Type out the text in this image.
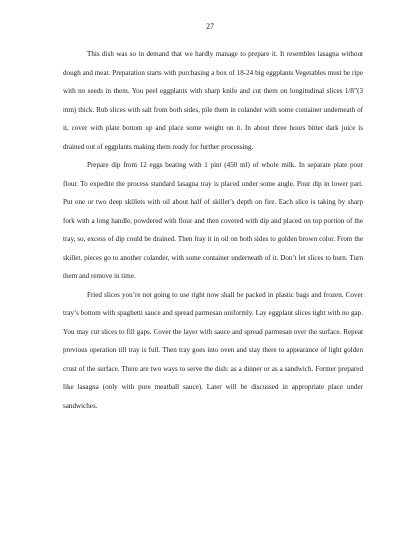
27

This dish was so in demand that we hardly manage to prepare it. It resembles lasagna without dough and meat. Preparation starts with purchasing a box of 18-24 big eggplants Vegetables must be ripe with no seeds in them. You peel eggplants with sharp knife and cut them on longitudinal slices 1/8”(3 mm) thick. Rub slices with salt from both sides, pile them in colander with some container underneath of it, cover with plate bottom up and place some weight on it. In about three hours bitter dark juice is drained out of eggplants making them ready for further processing.

Prepare dip from 12 eggs beating with 1 pint (450 ml) of whole milk. In separate plate pour flour. To expedite the process standard lasagna tray is placed under some angle. Pour dip in lower part. Put one or two deep skillets with oil about half of skillet’s depth on fire. Each slice is taking by sharp fork with a long handle, powdered with flour and then covered with dip and placed on top portion of the tray, so, excess of dip could be drained. Then fray it in oil on both sides to golden brown color. From the skillet, pieces go to another colander, with some container underneath of it. Don’t let slices to burn. Turn them and remove in time.

Fried slices you’re not going to use right now shall be packed in plastic bags and frozen. Cover tray’s bottom with spaghetti sauce and spread parmesan uniformly. Lay eggplant slices tight with no gap. You may cut slices to fill gaps. Cover the layer with sauce and spread parmesan over the surface. Repeat previous operation till tray is full. Then tray goes into oven and stay there to appearance of light golden crust of the surface. There are two ways to serve the dish: as a dinner or as a sandwich. Former prepared like lasagna (only with pure meatball sauce). Later will be discussed in appropriate place under sandwiches.
